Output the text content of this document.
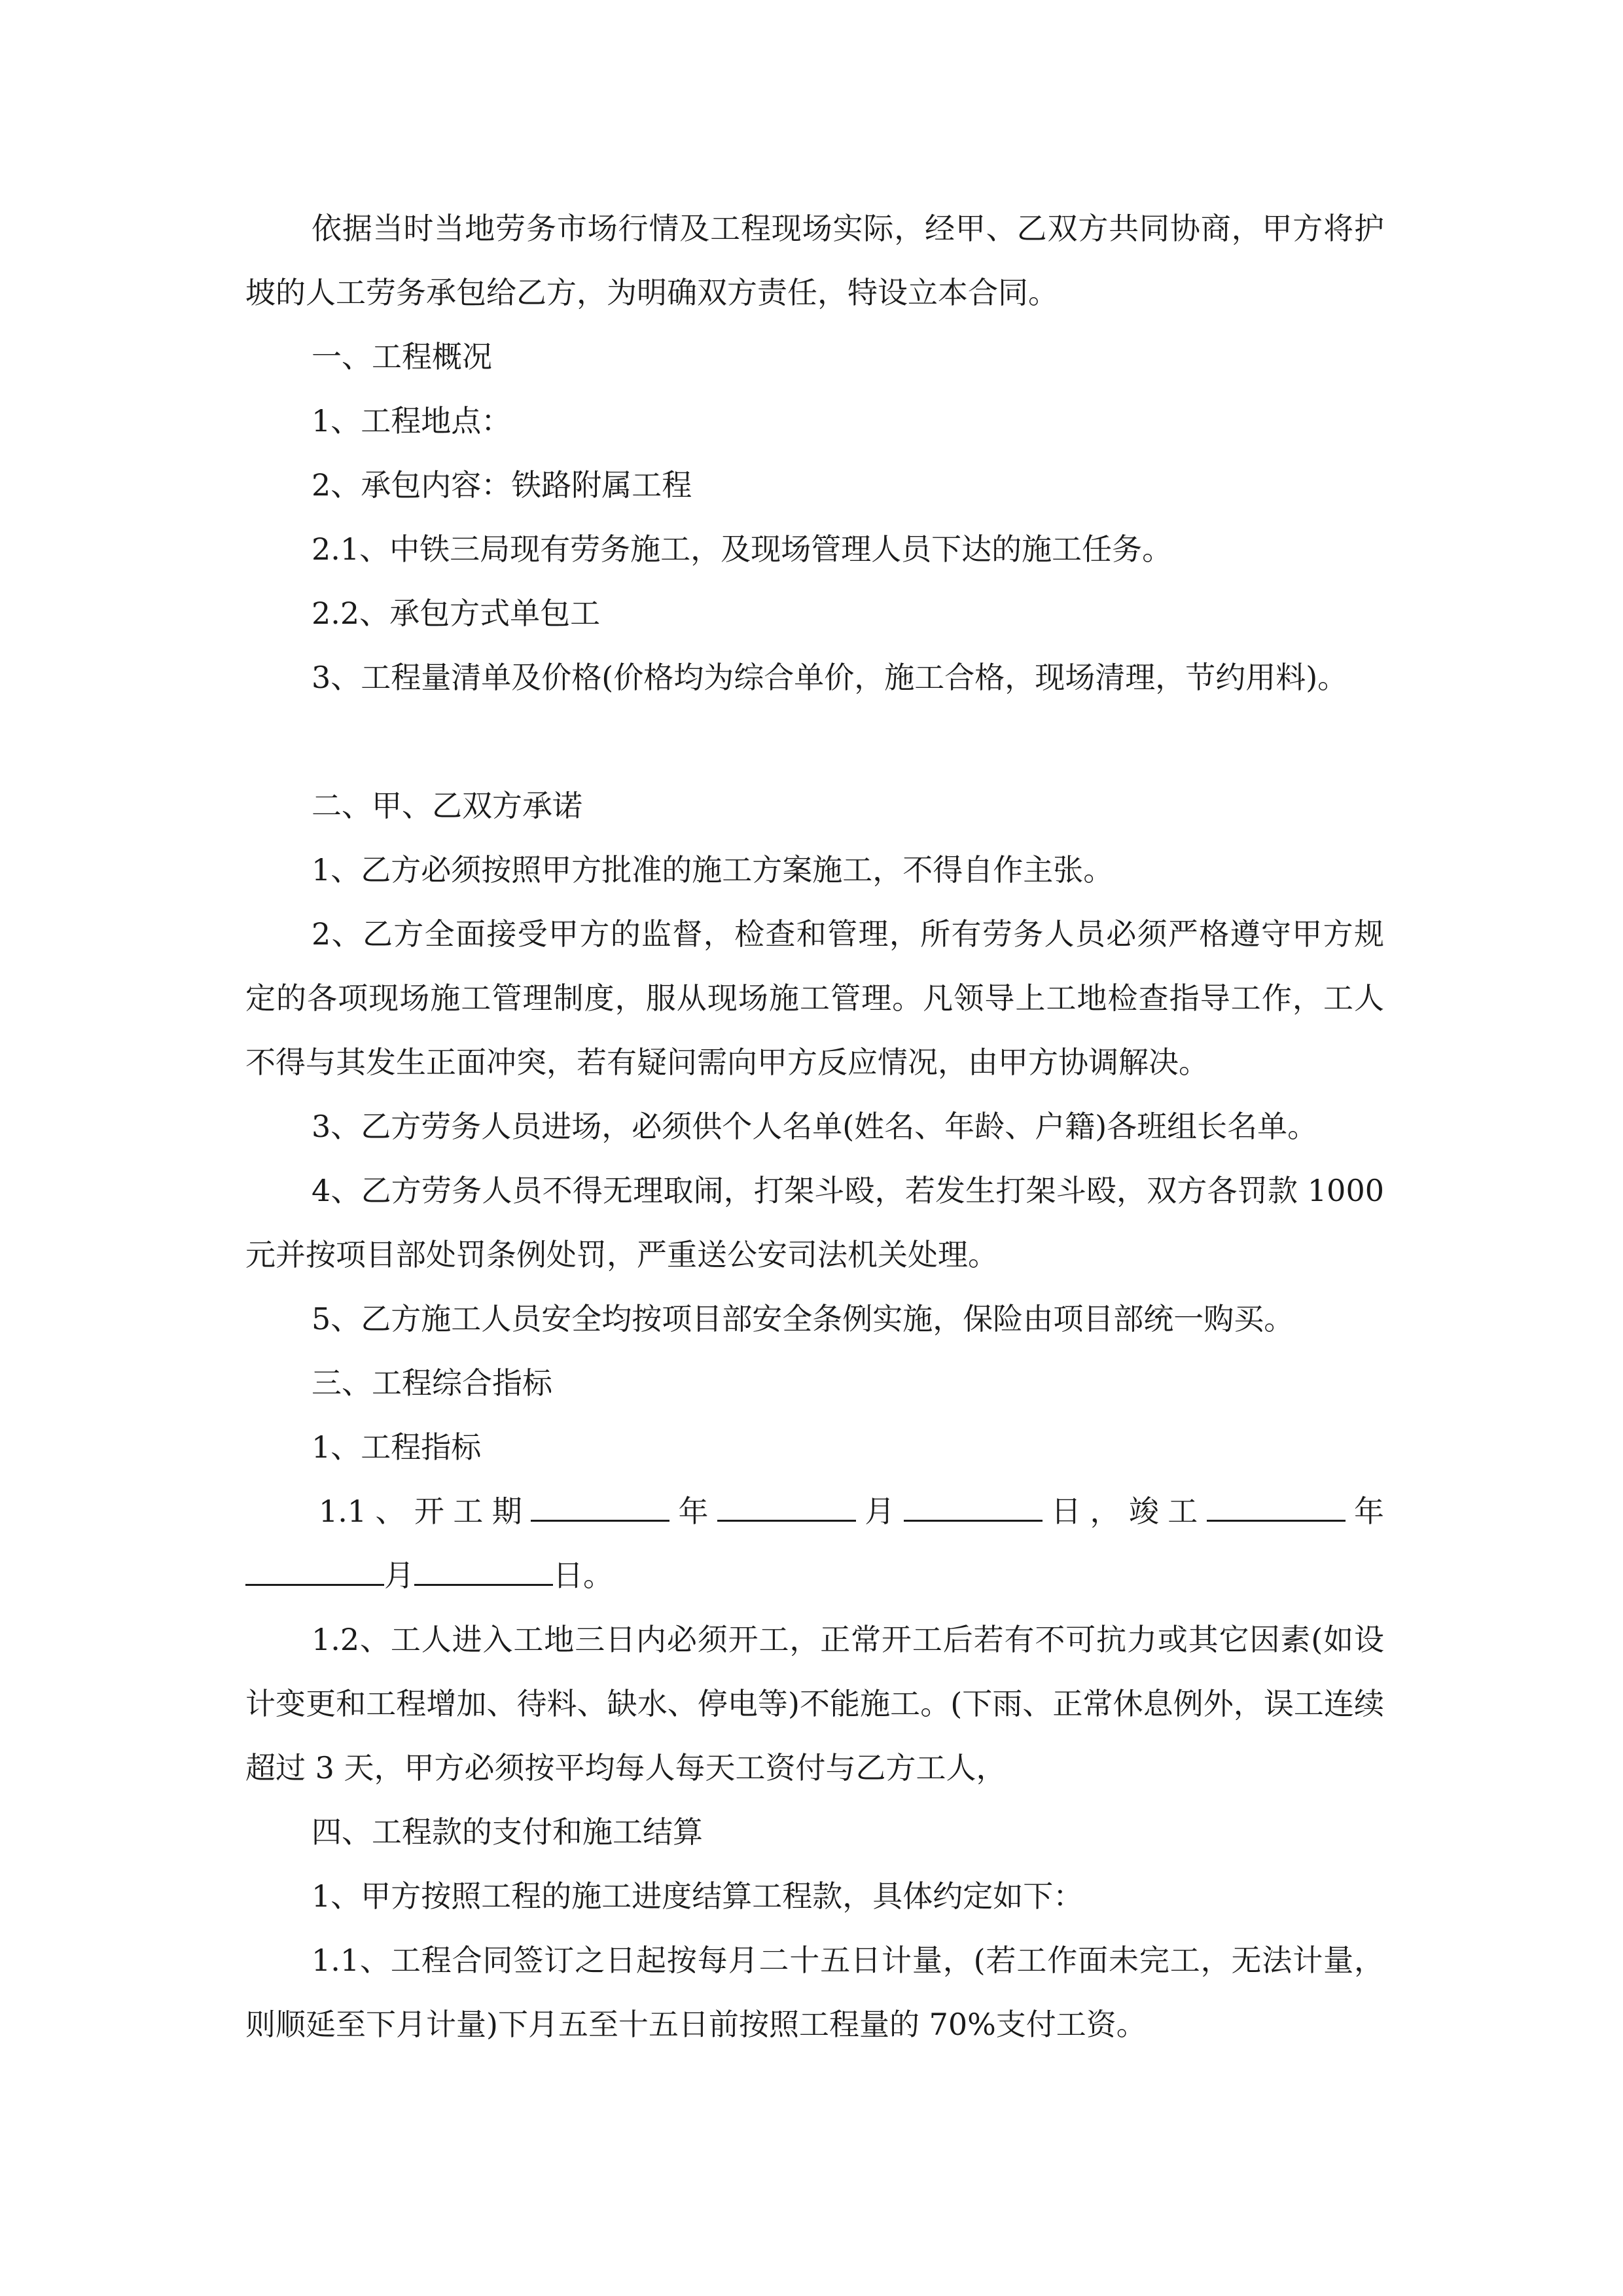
依据当时当地劳务市场行情及工程现场实际，经甲、乙双方共同协商，甲方将护坡的人工劳务承包给乙方，为明确双方责任，特设立本合同。

一、工程概况

1、工程地点：

2、承包内容：铁路附属工程

2.1、中铁三局现有劳务施工，及现场管理人员下达的施工任务。

2.2、承包方式单包工

3、工程量清单及价格(价格均为综合单价，施工合格，现场清理，节约用料)。

二、甲、乙双方承诺

1、乙方必须按照甲方批准的施工方案施工，不得自作主张。

2、乙方全面接受甲方的监督，检查和管理，所有劳务人员必须严格遵守甲方规定的各项现场施工管理制度，服从现场施工管理。凡领导上工地检查指导工作，工人不得与其发生正面冲突，若有疑问需向甲方反应情况，由甲方协调解决。

3、乙方劳务人员进场，必须供个人名单(姓名、年龄、户籍)各班组长名单。

4、乙方劳务人员不得无理取闹，打架斗殴，若发生打架斗殴，双方各罚款 1000 元并按项目部处罚条例处罚，严重送公安司法机关处理。

5、乙方施工人员安全均按项目部安全条例实施，保险由项目部统一购买。

三、工程综合指标

1、工程指标

1.1、开工期	年	月	日，竣工	年月	日。

1.2、工人进入工地三日内必须开工，正常开工后若有不可抗力或其它因素(如设计变更和工程增加、待料、缺水、停电等)不能施工。(下雨、正常休息例外，误工连续超过 3 天，甲方必须按平均每人每天工资付与乙方工人，

四、工程款的支付和施工结算

1、甲方按照工程的施工进度结算工程款，具体约定如下：

1.1、工程合同签订之日起按每月二十五日计量，(若工作面未完工，无法计量，则顺延至下月计量)下月五至十五日前按照工程量的 70%支付工资。
